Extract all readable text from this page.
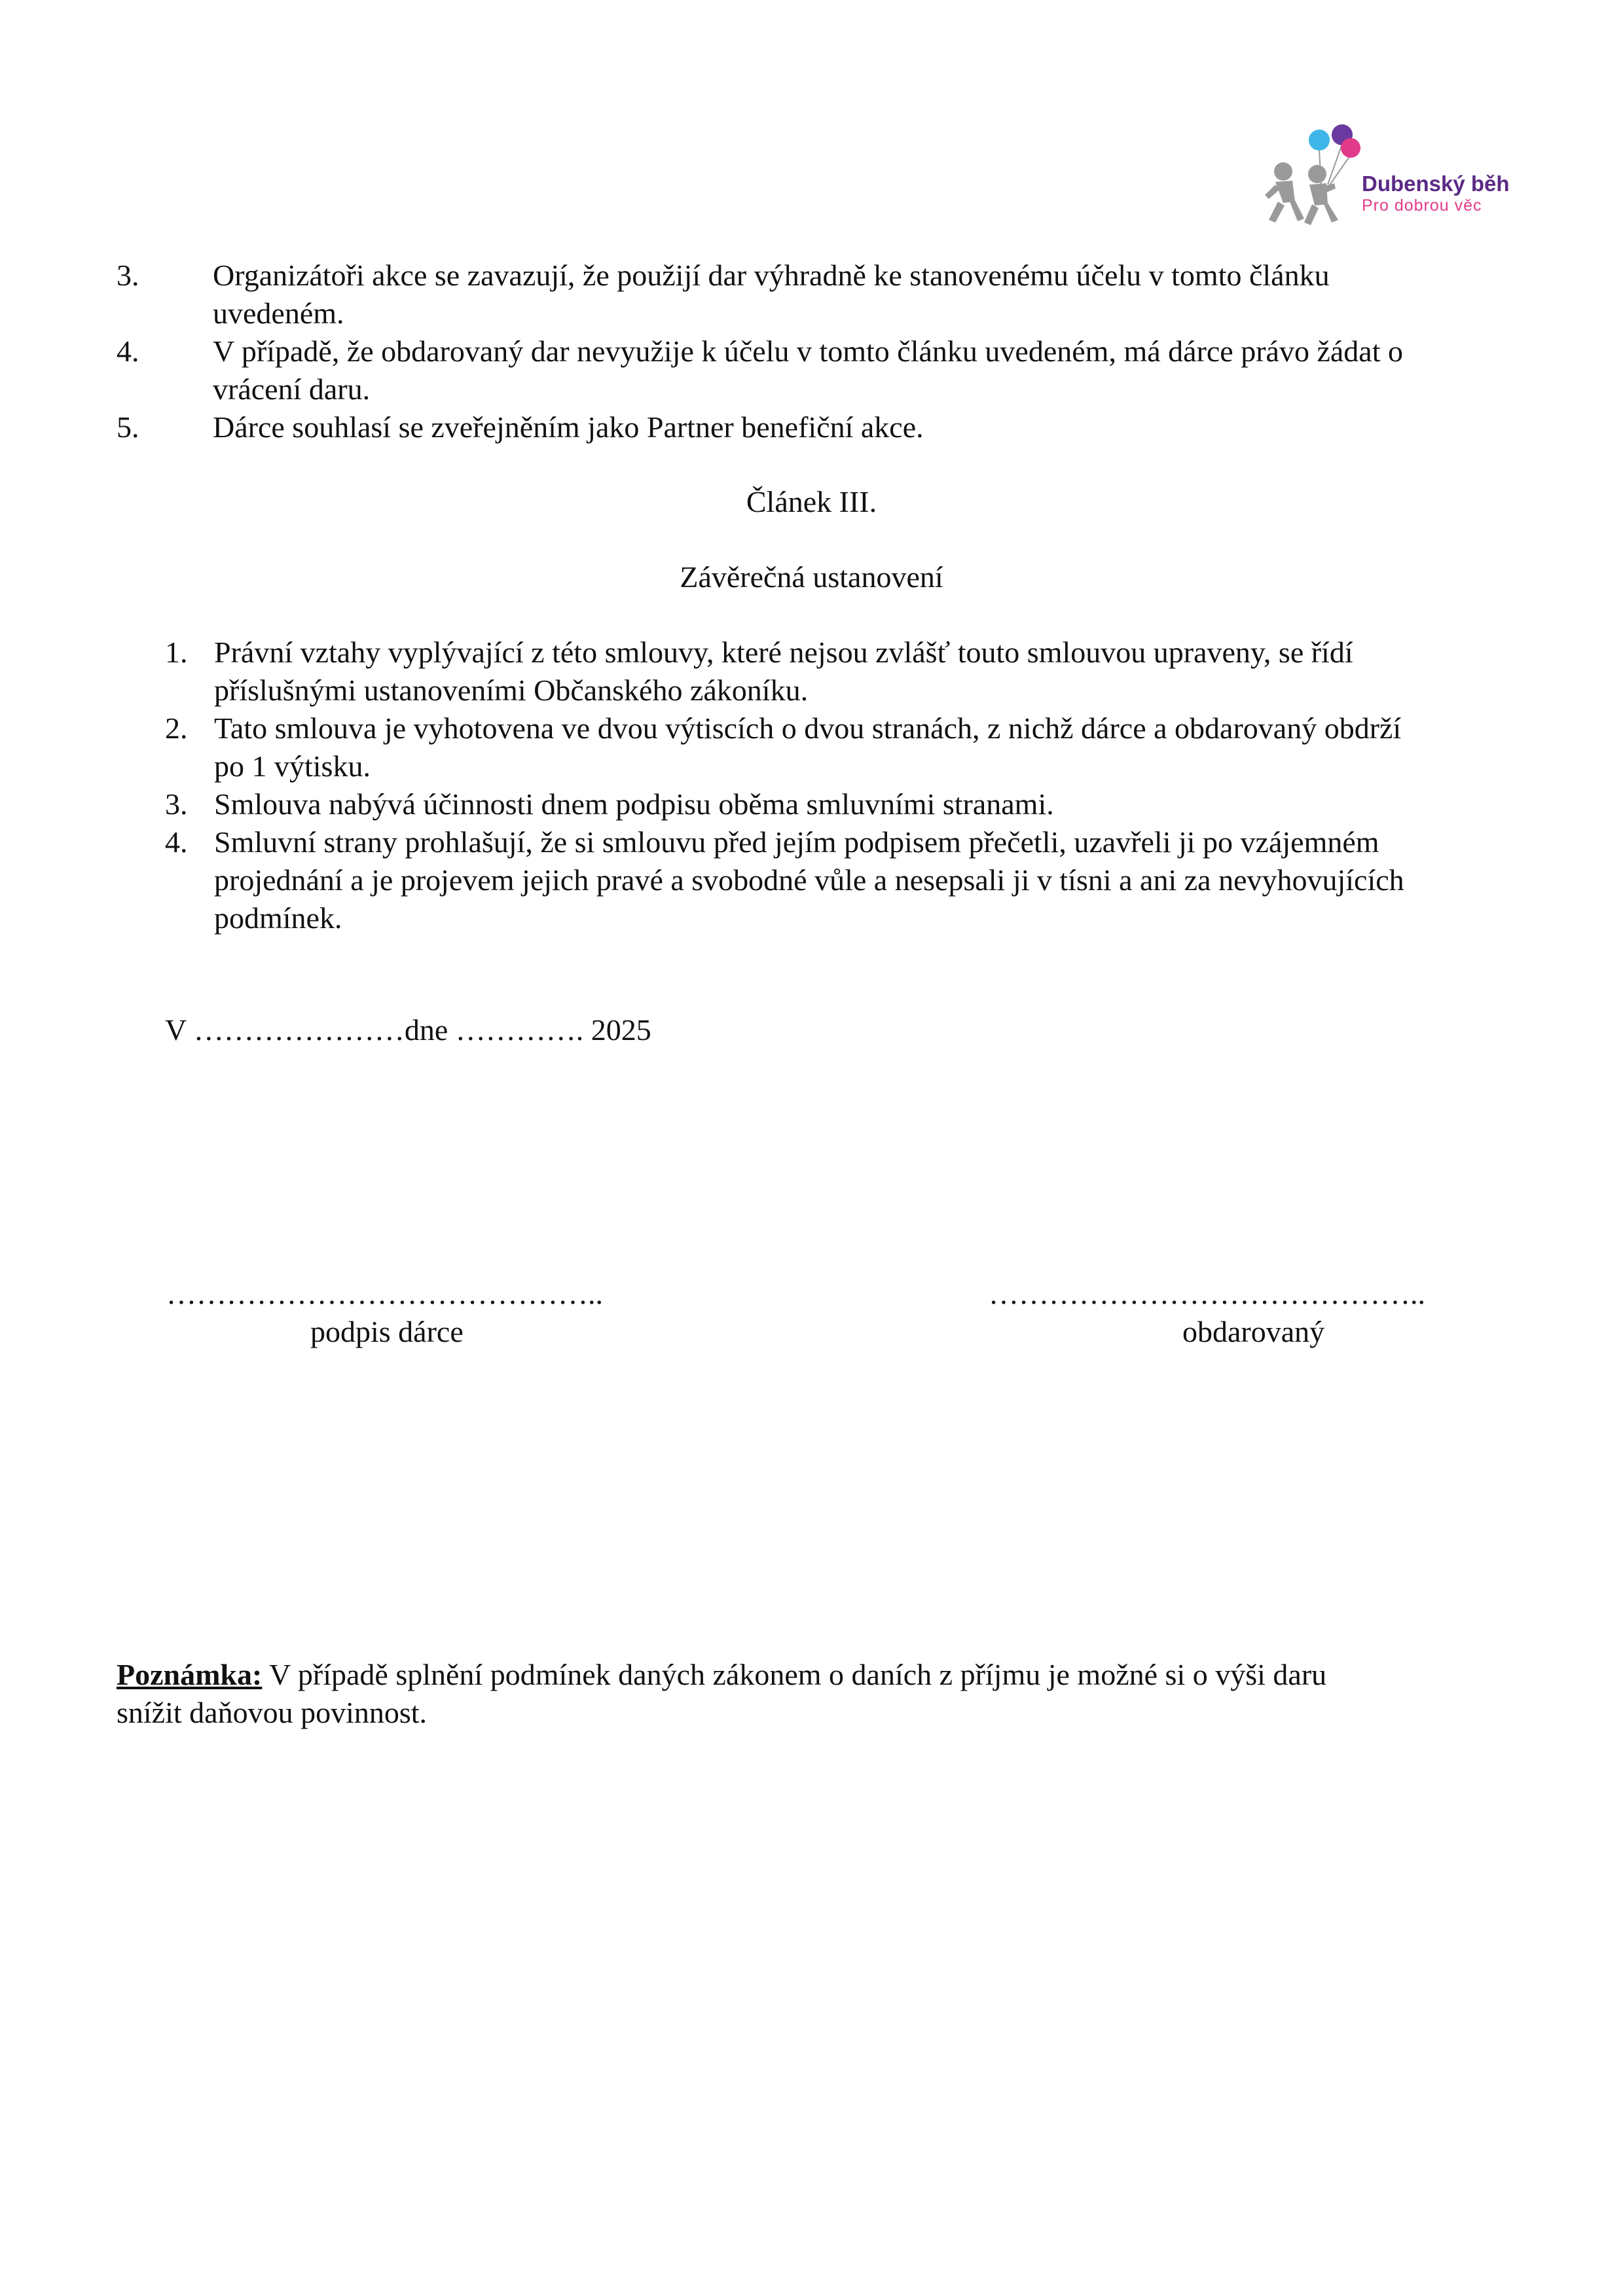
Dubenský běh
Pro dobrou věc
3. Organizátoři akce se zavazují, že použijí dar výhradně ke stanovenému účelu v tomto článku
uvedeném.
4. V případě, že obdarovaný dar nevyužije k účelu v tomto článku uvedeném, má dárce právo žádat o
vrácení daru.
5. Dárce souhlasí se zveřejněním jako Partner benefiční akce.
Článek III.
Závěrečná ustanovení
1. Právní vztahy vyplývající z této smlouvy, které nejsou zvlášť touto smlouvou upraveny, se řídí
příslušnými ustanoveními Občanského zákoníku.
2. Tato smlouva je vyhotovena ve dvou výtiscích o dvou stranách, z nichž dárce a obdarovaný obdrží
po 1 výtisku.
3. Smlouva nabývá účinnosti dnem podpisu oběma smluvními stranami.
4. Smluvní strany prohlašují, že si smlouvu před jejím podpisem přečetli, uzavřeli ji po vzájemném
projednání a je projevem jejich pravé a svobodné vůle a nesepsali ji v tísni a ani za nevyhovujících
podmínek.
V …………………dne …………. 2025
……………………………………..
podpis dárce
……………………………………..
obdarovaný
Poznámka: V případě splnění podmínek daných zákonem o daních z příjmu je možné si o výši daru
snížit daňovou povinnost.
